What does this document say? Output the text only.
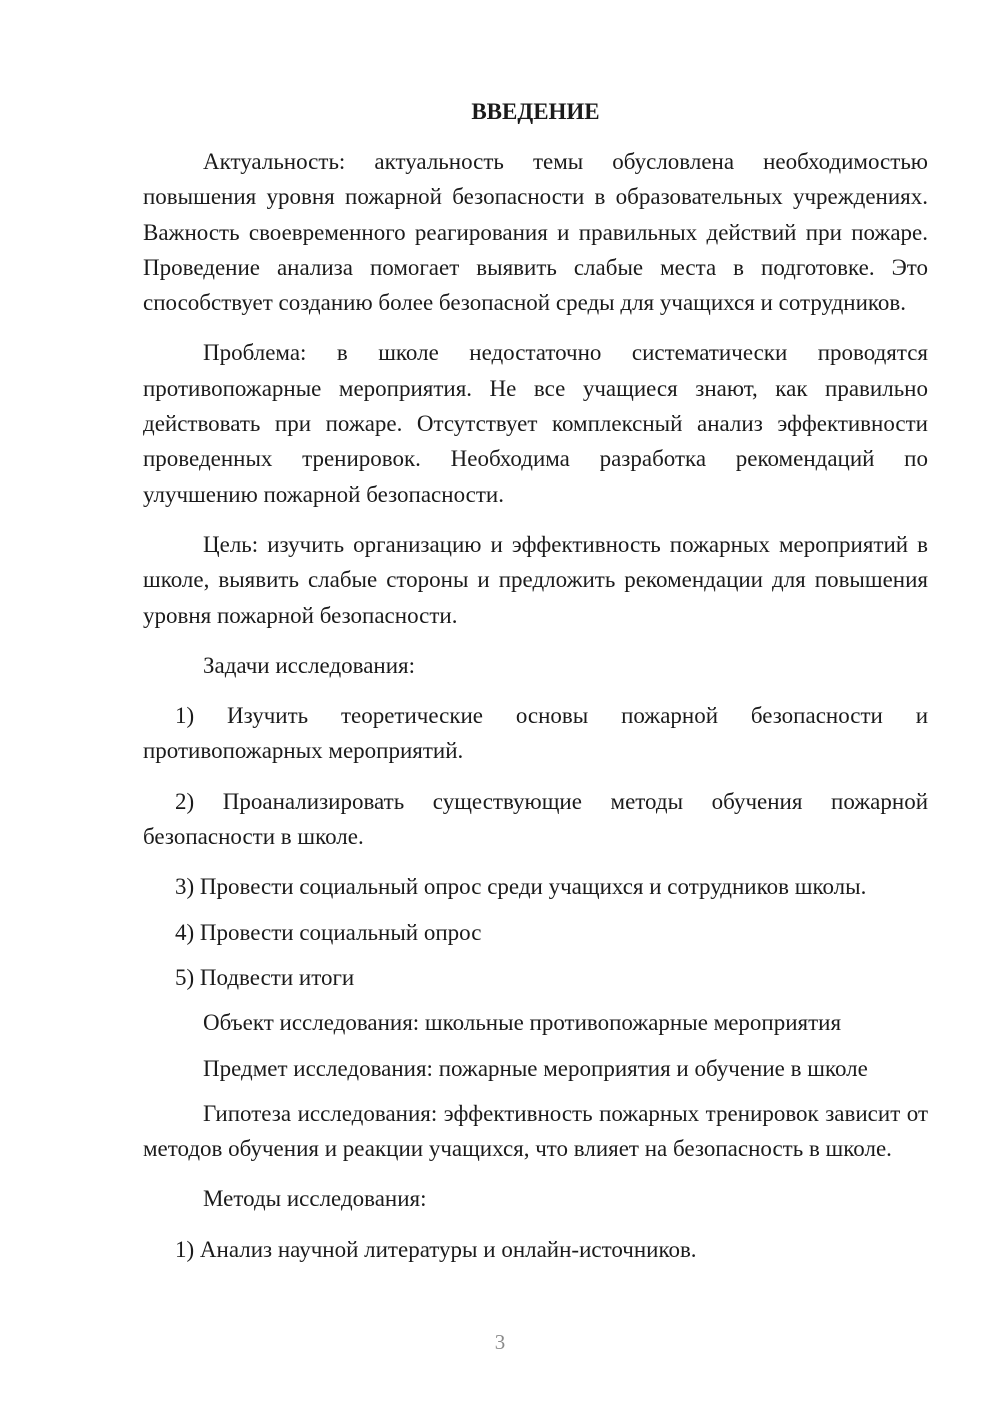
ВВЕДЕНИЕ

Актуальность: актуальность темы обусловлена необходимостью повышения уровня пожарной безопасности в образовательных учреждениях. Важность своевременного реагирования и правильных действий при пожаре. Проведение анализа помогает выявить слабые места в подготовке. Это способствует созданию более безопасной среды для учащихся и сотрудников.

Проблема: в школе недостаточно систематически проводятся противопожарные мероприятия. Не все учащиеся знают, как правильно действовать при пожаре. Отсутствует комплексный анализ эффективности проведенных тренировок. Необходима разработка рекомендаций по улучшению пожарной безопасности.

Цель: изучить организацию и эффективность пожарных мероприятий в школе, выявить слабые стороны и предложить рекомендации для повышения уровня пожарной безопасности.

Задачи исследования:

1) Изучить теоретические основы пожарной безопасности и противопожарных мероприятий.

2) Проанализировать существующие методы обучения пожарной безопасности в школе.

3) Провести социальный опрос среди учащихся и сотрудников школы.

4) Провести социальный опрос

5) Подвести итоги

Объект исследования: школьные противопожарные мероприятия

Предмет исследования: пожарные мероприятия и обучение в школе

Гипотеза исследования: эффективность пожарных тренировок зависит от методов обучения и реакции учащихся, что влияет на безопасность в школе.

Методы исследования:

1) Анализ научной литературы и онлайн-источников.

3
